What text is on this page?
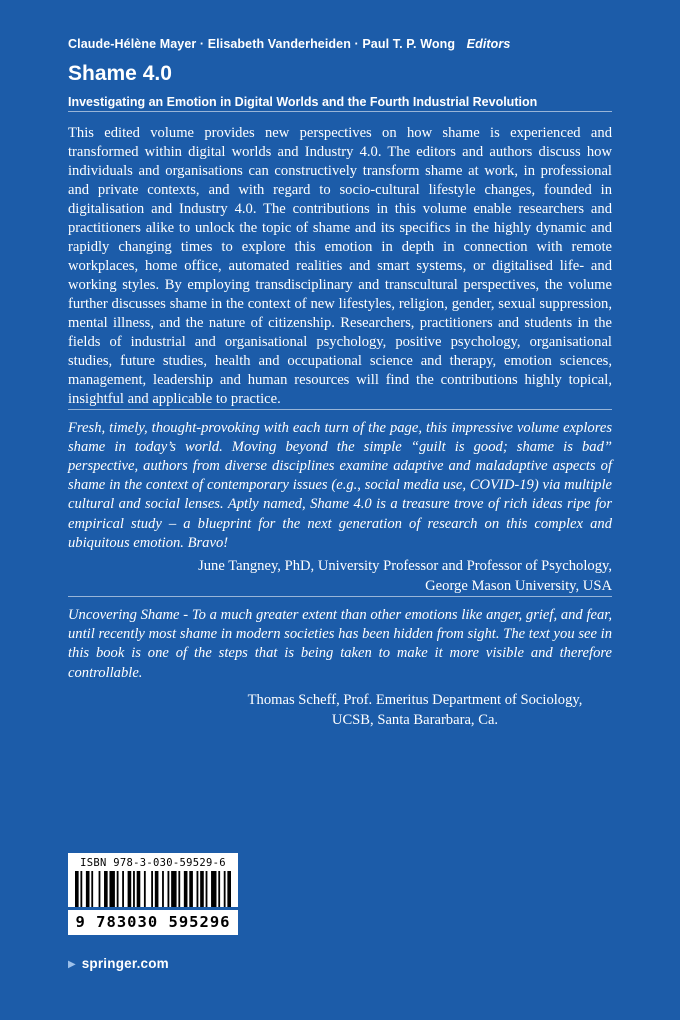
Claude-Hélène Mayer · Elisabeth Vanderheiden · Paul T. P. Wong Editors
Shame 4.0
Investigating an Emotion in Digital Worlds and the Fourth Industrial Revolution

This edited volume provides new perspectives on how shame is experienced and transformed within digital worlds and Industry 4.0. The editors and authors discuss how individuals and organisations can constructively transform shame at work, in professional and private contexts, and with regard to socio-cultural lifestyle changes, founded in digitalisation and Industry 4.0. The contributions in this volume enable researchers and practitioners alike to unlock the topic of shame and its specifics in the highly dynamic and rapidly changing times to explore this emotion in depth in connection with remote workplaces, home office, automated realities and smart systems, or digitalised life- and working styles. By employing transdisciplinary and transcultural perspectives, the volume further discusses shame in the context of new lifestyles, religion, gender, sexual suppression, mental illness, and the nature of citizenship. Researchers, practitioners and students in the fields of industrial and organisational psychology, positive psychology, organisational studies, future studies, health and occupational science and therapy, emotion sciences, management, leadership and human resources will find the contributions highly topical, insightful and applicable to practice.

Fresh, timely, thought-provoking with each turn of the page, this impressive volume explores shame in today’s world. Moving beyond the simple “guilt is good; shame is bad” perspective, authors from diverse disciplines examine adaptive and maladaptive aspects of shame in the context of contemporary issues (e.g., social media use, COVID-19) via multiple cultural and social lenses. Aptly named, Shame 4.0 is a treasure trove of rich ideas ripe for empirical study – a blueprint for the next generation of research on this complex and ubiquitous emotion. Bravo!

June Tangney, PhD, University Professor and Professor of Psychology,
George Mason University, USA

Uncovering Shame - To a much greater extent than other emotions like anger, grief, and fear, until recently most shame in modern societies has been hidden from sight. The text you see in this book is one of the steps that is being taken to make it more visible and therefore controllable.

Thomas Scheff, Prof. Emeritus Department of Sociology,
UCSB, Santa Bararbara, Ca.
ISBN 978-3-030-59529-6
9 783030 595296
▶ springer.com
